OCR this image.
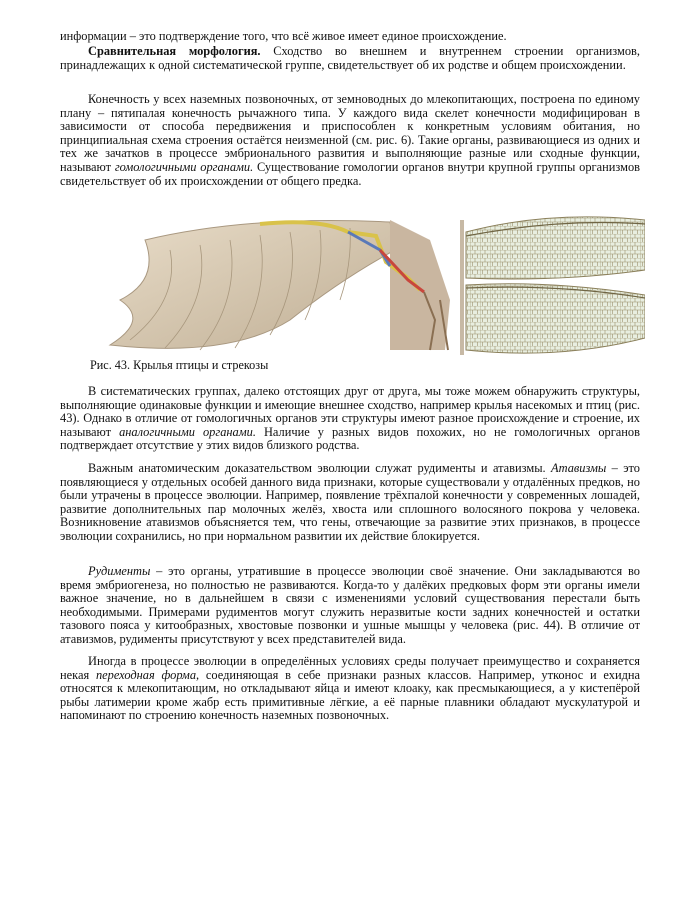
информации – это подтверждение того, что всё живое имеет единое происхождение.

Сравнительная морфология. Сходство во внешнем и внутреннем строении организмов, принадлежащих к одной систематической группе, свидетельствует об их родстве и общем происхождении.

Конечность у всех наземных позвоночных, от земноводных до млекопитающих, построена по единому плану – пятипалая конечность рычажного типа. У каждого вида скелет конечности модифицирован в зависимости от способа передвижения и приспособлен к конкретным условиям обитания, но принципиальная схема строения остаётся неизменной (см. рис. 6). Такие органы, развивающиеся из одних и тех же зачатков в процессе эмбрионального развития и выполняющие разные или сходные функции, называют гомологичными органами. Существование гомологии органов внутри крупной группы организмов свидетельствует об их происхождении от общего предка.

Рис. 43. Крылья птицы и стрекозы

В систематических группах, далеко отстоящих друг от друга, мы тоже можем обнаружить структуры, выполняющие одинаковые функции и имеющие внешнее сходство, например крылья насекомых и птиц (рис. 43). Однако в отличие от гомологичных органов эти структуры имеют разное происхождение и строение, их называют аналогичными органами. Наличие у разных видов похожих, но не гомологичных органов подтверждает отсутствие у этих видов близкого родства.

Важным анатомическим доказательством эволюции служат рудименты и атавизмы. Атавизмы – это появляющиеся у отдельных особей данного вида признаки, которые существовали у отдалённых предков, но были утрачены в процессе эволюции. Например, появление трёхпалой конечности у современных лошадей, развитие дополнительных пар молочных желёз, хвоста или сплошного волосяного покрова у человека. Возникновение атавизмов объясняется тем, что гены, отвечающие за развитие этих признаков, в процессе эволюции сохранились, но при нормальном развитии их действие блокируется.

Рудименты – это органы, утратившие в процессе эволюции своё значение. Они закладываются во время эмбриогенеза, но полностью не развиваются. Когда-то у далёких предковых форм эти органы имели важное значение, но в дальнейшем в связи с изменениями условий существования перестали быть необходимыми. Примерами рудиментов могут служить неразвитые кости задних конечностей и остатки тазового пояса у китообразных, хвостовые позвонки и ушные мышцы у человека (рис. 44). В отличие от атавизмов, рудименты присутствуют у всех представителей вида.

Иногда в процессе эволюции в определённых условиях среды получает преимущество и сохраняется некая переходная форма, соединяющая в себе признаки разных классов. Например, утконос и ехидна относятся к млекопитающим, но откладывают яйца и имеют клоаку, как пресмыкающиеся, а у кистепёрой рыбы латимерии кроме жабр есть примитивные лёгкие, а её парные плавники обладают мускулатурой и напоминают по строению конечность наземных позвоночных.
